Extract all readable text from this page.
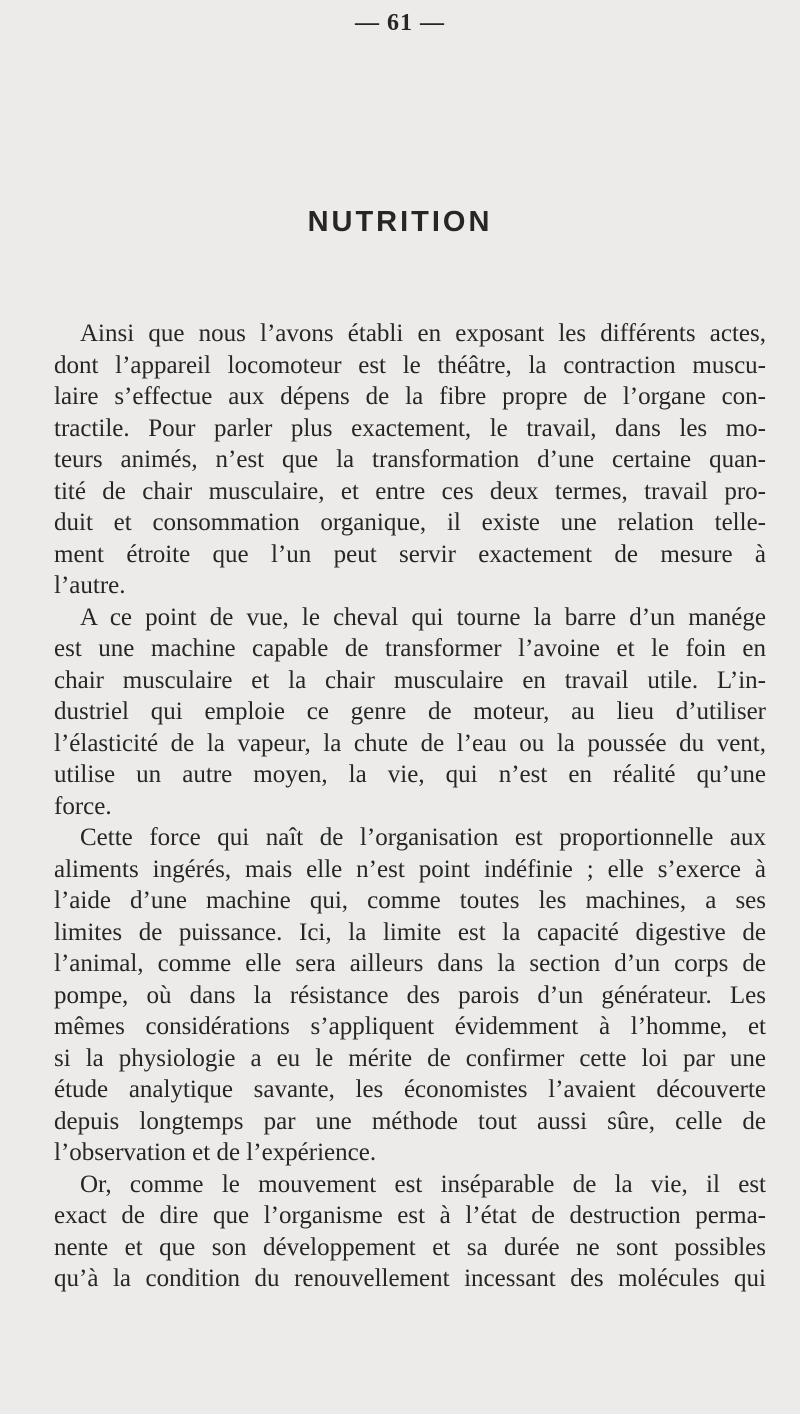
— 61 —
NUTRITION
Ainsi que nous l’avons établi en exposant les différents actes,
dont l’appareil locomoteur est le théâtre, la contraction muscu-
laire s’effectue aux dépens de la fibre propre de l’organe con-
tractile. Pour parler plus exactement, le travail, dans les mo-
teurs animés, n’est que la transformation d’une certaine quan-
tité de chair musculaire, et entre ces deux termes, travail pro-
duit et consommation organique, il existe une relation telle-
ment étroite que l’un peut servir exactement de mesure à
l’autre.
A ce point de vue, le cheval qui tourne la barre d’un manége
est une machine capable de transformer l’avoine et le foin en
chair musculaire et la chair musculaire en travail utile. L’in-
dustriel qui emploie ce genre de moteur, au lieu d’utiliser
l’élasticité de la vapeur, la chute de l’eau ou la poussée du vent,
utilise un autre moyen, la vie, qui n’est en réalité qu’une
force.
Cette force qui naît de l’organisation est proportionnelle aux
aliments ingérés, mais elle n’est point indéfinie ; elle s’exerce à
l’aide d’une machine qui, comme toutes les machines, a ses
limites de puissance. Ici, la limite est la capacité digestive de
l’animal, comme elle sera ailleurs dans la section d’un corps de
pompe, où dans la résistance des parois d’un générateur. Les
mêmes considérations s’appliquent évidemment à l’homme, et
si la physiologie a eu le mérite de confirmer cette loi par une
étude analytique savante, les économistes l’avaient découverte
depuis longtemps par une méthode tout aussi sûre, celle de
l’observation et de l’expérience.
Or, comme le mouvement est inséparable de la vie, il est
exact de dire que l’organisme est à l’état de destruction perma-
nente et que son développement et sa durée ne sont possibles
qu’à la condition du renouvellement incessant des molécules qui
